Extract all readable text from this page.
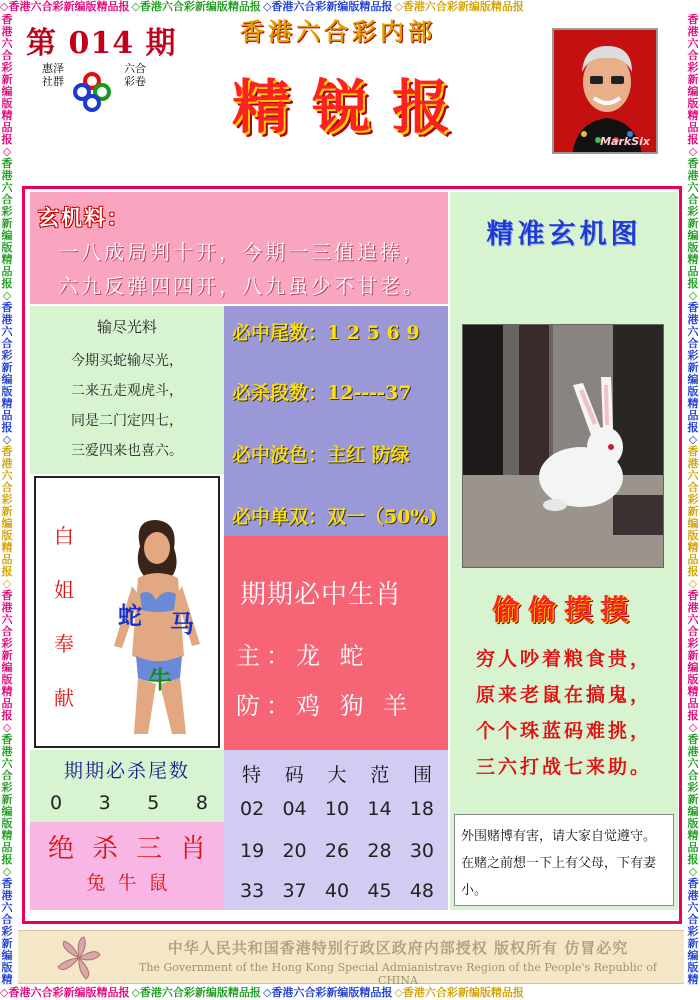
◇香港六合彩新编版精品报 ◇香港六合彩新编版精品报 ◇香港六合彩新编版精品报 ◇香港六合彩新编版精品报
◇香港六合彩新编版精品报 ◇香港六合彩新编版精品报 ◇香港六合彩新编版精品报 ◇香港六合彩新编版精品报
香
港
六
合
彩
新
编
版
精
品
报
◇
香
港
六
合
彩
新
编
版
精
品
报
◇
香
港
六
合
彩
新
编
版
精
品
报
◇
香
港
六
合
彩
新
编
版
精
品
报
◇
香
港
六
合
彩
新
编
版
精
品
报
◇
香
港
六
合
彩
新
编
版
精
品
报
◇
香
港
六
合
彩
新
编
版
精
香
港
六
合
彩
新
编
版
精
品
报
◇
香
港
六
合
彩
新
编
版
精
品
报
◇
香
港
六
合
彩
新
编
版
精
品
报
◇
香
港
六
合
彩
新
编
版
精
品
报
◇
香
港
六
合
彩
新
编
版
精
品
报
◇
香
港
六
合
彩
新
编
版
精
品
报
◇
香
港
六
合
彩
新
编
版
精
第 014 期
惠泽社群
六合彩卷
香港六合彩内部
精锐报
MarkSix
玄机料：
一八成局判十开，今期一三值追捧，
六九反弹四四开，八九虽少不甘老。
输尽光料
今期买蛇输尽光，
二来五走观虎斗，
同是二门定四七，
三爱四来也喜六。
必中尾数：1 2 5 6 9
必杀段数：12----37
必中波色：主红 防绿
必中单双：双一（50%)
白
姐
奉
献
蛇 马
牛
期期必中生肖
主：龙 蛇
防：鸡 狗 羊
期期必杀尾数
0 3 5 8
绝杀三肖
兔牛鼠
特 码 大 范 围
02 04 10 14 18
19 20 26 28 30
33 37 40 45 48
精准玄机图
偷偷摸摸
穷人吵着粮食贵，
原来老鼠在搞鬼，
个个珠蓝码难挑，
三六打战七来助。
外围赌博有害，请大家自觉遵守。在赌之前想一下上有父母，下有妻小。
中华人民共和国香港特别行政区政府内部授权 版权所有 仿冒必究
The Government of the Hong Kong Special Admianistrave Region of the People's Republic of CHINA
